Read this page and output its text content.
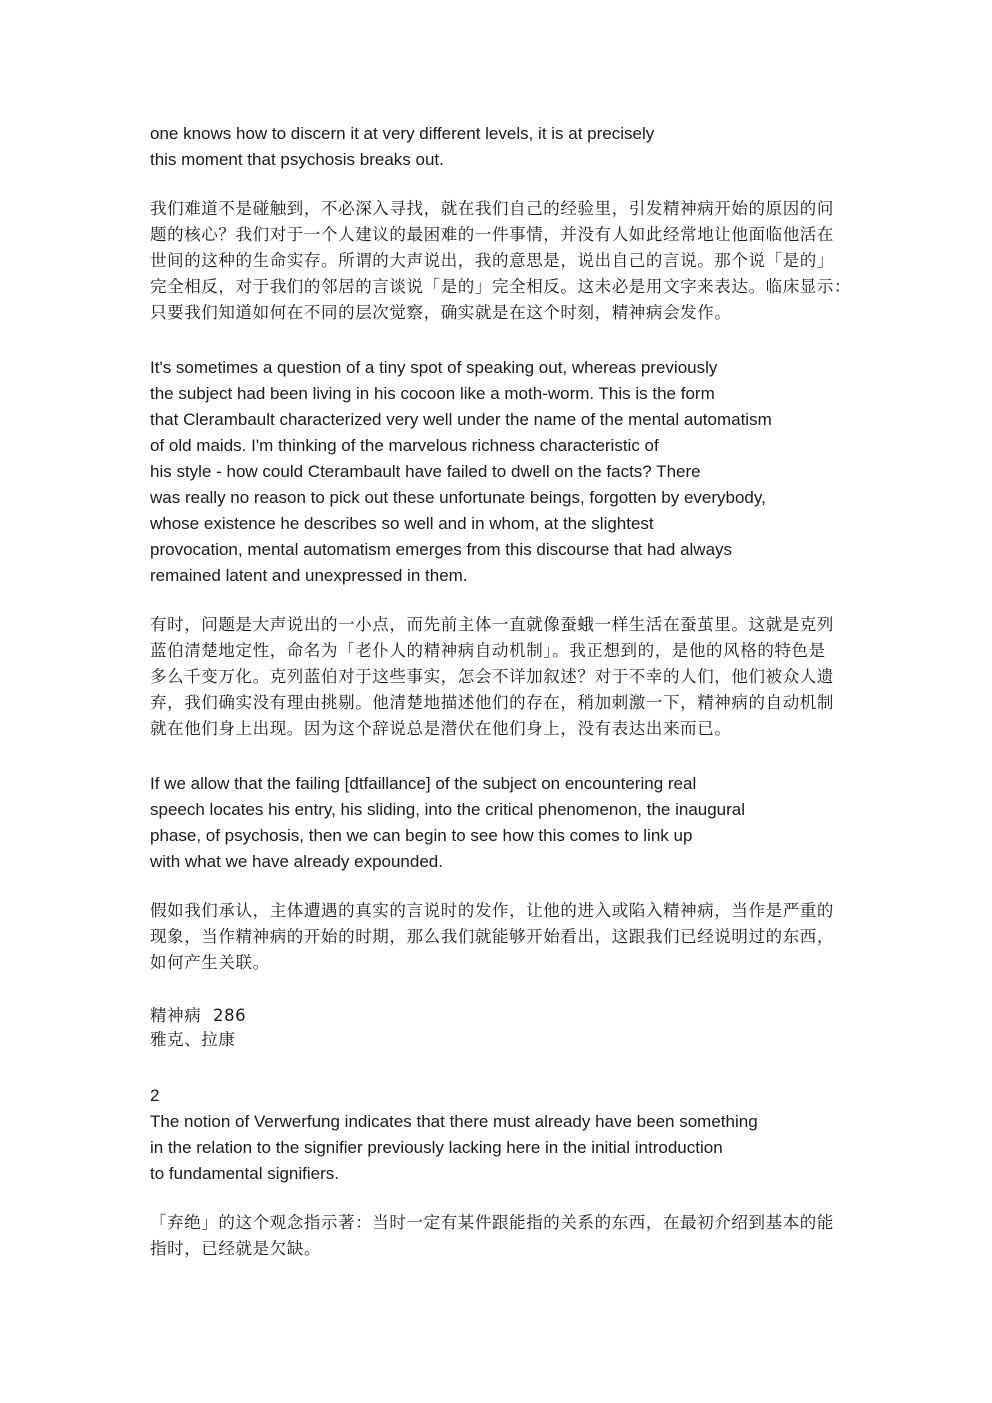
one knows how to discern it at very different levels, it is at precisely
this moment that psychosis breaks out.
我们难道不是碰触到，不必深入寻找，就在我们自己的经验里，引发精神病开始的原因的问
题的核心？我们对于一个人建议的最困难的一件事情，并没有人如此经常地让他面临他活在
世间的这种的生命实存。所谓的大声说出，我的意思是，说出自己的言说。那个说「是的」
完全相反，对于我们的邻居的言谈说「是的」完全相反。这未必是用文字来表达。临床显示：
只要我们知道如何在不同的层次觉察，确实就是在这个时刻，精神病会发作。
It's sometimes a question of a tiny spot of speaking out, whereas previously
the subject had been living in his cocoon like a moth-worm. This is the form
that Clerambault characterized very well under the name of the mental automatism
of old maids. I'm thinking of the marvelous richness characteristic of
his style - how could Cterambault have failed to dwell on the facts? There
was really no reason to pick out these unfortunate beings, forgotten by everybody,
whose existence he describes so well and in whom, at the slightest
provocation, mental automatism emerges from this discourse that had always
remained latent and unexpressed in them.
有时，问题是大声说出的一小点，而先前主体一直就像蚕蛾一样生活在蚕茧里。这就是克列
蓝伯清楚地定性，命名为「老仆人的精神病自动机制」。我正想到的，是他的风格的特色是
多么千变万化。克列蓝伯对于这些事实，怎会不详加叙述？对于不幸的人们，他们被众人遗
弃，我们确实没有理由挑剔。他清楚地描述他们的存在，稍加刺激一下，精神病的自动机制
就在他们身上出现。因为这个辞说总是潜伏在他们身上，没有表达出来而已。
If we allow that the failing [dtfaillance] of the subject on encountering real
speech locates his entry, his sliding, into the critical phenomenon, the inaugural
phase, of psychosis, then we can begin to see how this comes to link up
with what we have already expounded.
假如我们承认，主体遭遇的真实的言说时的发作，让他的进入或陷入精神病，当作是严重的
现象，当作精神病的开始的时期，那么我们就能够开始看出，这跟我们已经说明过的东西，
如何产生关联。
精神病  286
雅克、拉康
2
The notion of Verwerfung indicates that there must already have been something
in the relation to the signifier previously lacking here in the initial introduction
to fundamental signifiers.
「弃绝」的这个观念指示著：当时一定有某件跟能指的关系的东西，在最初介绍到基本的能
指时，已经就是欠缺。
